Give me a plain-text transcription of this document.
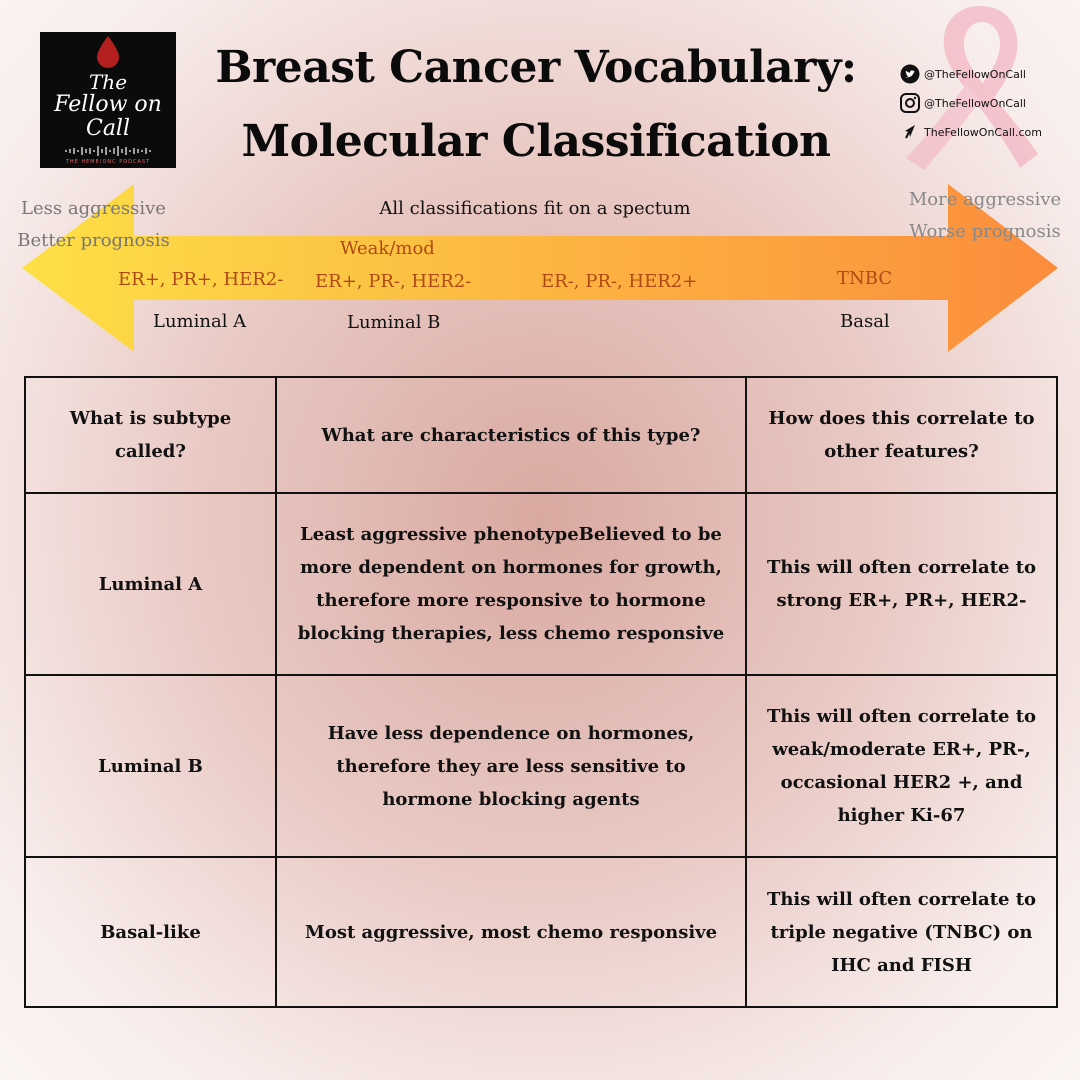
The
Fellow on
Call
THE HEME/ONC PODCAST
Breast Cancer Vocabulary:
Molecular Classification
@TheFellowOnCall
@TheFellowOnCall
TheFellowOnCall.com
Less aggressive
Better prognosis
More aggressive
Worse prognosis
All classifications fit on a spectum
Weak/mod
ER+, PR+, HER2-
Luminal A
ER+, PR-, HER2-
Luminal B
ER-, PR-, HER2+	TNBC
Basal
What is subtype called?	What are characteristics of this type?	How does this correlate to other features?
Luminal A	Least aggressive phenotypeBelieved to be more dependent on hormones for growth, therefore more responsive to hormone blocking therapies, less chemo responsive	This will often correlate to strong ER+, PR+, HER2-
Luminal B	Have less dependence on hormones, therefore they are less sensitive to hormone blocking agents	This will often correlate to weak/moderate ER+, PR-, occasional HER2 +, and higher Ki-67
Basal-like	Most aggressive, most chemo responsive	This will often correlate to triple negative (TNBC) on IHC and FISH
